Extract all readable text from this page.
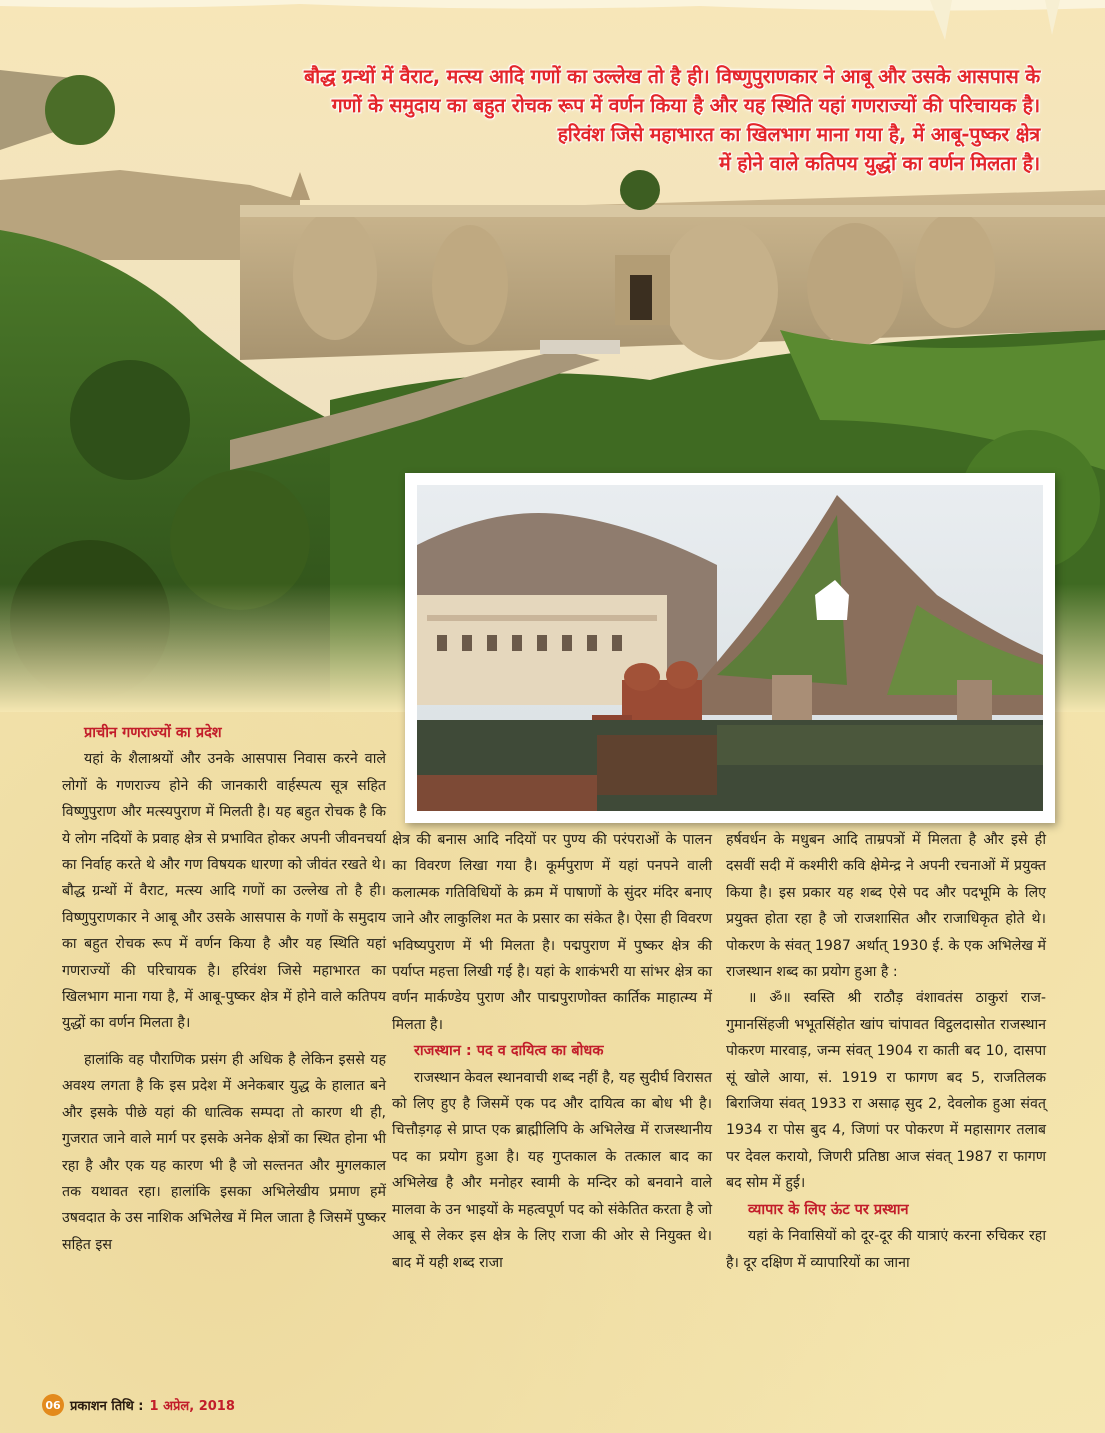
बौद्ध ग्रन्थों में वैराट, मत्स्य आदि गणों का उल्लेख तो है ही। विष्णुपुराणकार ने आबू और उसके आसपास के
गणों के समुदाय का बहुत रोचक रूप में वर्णन किया है और यह स्थिति यहां गणराज्यों की परिचायक है।
हरिवंश जिसे महाभारत का खिलभाग माना गया है, में आबू-पुष्कर क्षेत्र
में होने वाले कतिपय युद्धों का वर्णन मिलता है।
प्राचीन गणराज्यों का प्रदेश

यहां के शैलाश्रयों और उनके आसपास निवास करने वाले लोगों के गणराज्य होने की जानकारी वार्हस्पत्य सूत्र सहित विष्णुपुराण और मत्स्यपुराण में मिलती है। यह बहुत रोचक है कि ये लोग नदियों के प्रवाह क्षेत्र से प्रभावित होकर अपनी जीवनचर्या का निर्वाह करते थे और गण विषयक धारणा को जीवंत रखते थे। बौद्ध ग्रन्थों में वैराट, मत्स्य आदि गणों का उल्लेख तो है ही। विष्णुपुराणकार ने आबू और उसके आसपास के गणों के समुदाय का बहुत रोचक रूप में वर्णन किया है और यह स्थिति यहां गणराज्यों की परिचायक है। हरिवंश जिसे महाभारत का खिलभाग माना गया है, में आबू-पुष्कर क्षेत्र में होने वाले कतिपय युद्धों का वर्णन मिलता है।

हालांकि वह पौराणिक प्रसंग ही अधिक है लेकिन इससे यह अवश्य लगता है कि इस प्रदेश में अनेकबार युद्ध के हालात बने और इसके पीछे यहां की धात्विक सम्पदा तो कारण थी ही, गुजरात जाने वाले मार्ग पर इसके अनेक क्षेत्रों का स्थित होना भी रहा है और एक यह कारण भी है जो सल्तनत और मुगलकाल तक यथावत रहा। हालांकि इसका अभिलेखीय प्रमाण हमें उषवदात के उस नाशिक अभिलेख में मिल जाता है जिसमें पुष्कर सहित इस

क्षेत्र की बनास आदि नदियों पर पुण्य की परंपराओं के पालन का विवरण लिखा गया है। कूर्मपुराण में यहां पनपने वाली कलात्मक गतिविधियों के क्रम में पाषाणों के सुंदर मंदिर बनाए जाने और लाकुलिश मत के प्रसार का संकेत है। ऐसा ही विवरण भविष्यपुराण में भी मिलता है। पद्मपुराण में पुष्कर क्षेत्र की पर्याप्त महत्ता लिखी गई है। यहां के शाकंभरी या सांभर क्षेत्र का वर्णन मार्कण्डेय पुराण और पाद्मपुराणोक्त कार्तिक माहात्म्य में मिलता है।

राजस्थान : पद व दायित्व का बोधक

राजस्थान केवल स्थानवाची शब्द नहीं है, यह सुदीर्घ विरासत को लिए हुए है जिसमें एक पद और दायित्व का बोध भी है। चित्तौड़गढ़ से प्राप्त एक ब्राह्मीलिपि के अभिलेख में राजस्थानीय पद का प्रयोग हुआ है। यह गुप्तकाल के तत्काल बाद का अभिलेख है और मनोहर स्वामी के मन्दिर को बनवाने वाले मालवा के उन भाइयों के महत्वपूर्ण पद को संकेतित करता है जो आबू से लेकर इस क्षेत्र के लिए राजा की ओर से नियुक्त थे। बाद में यही शब्द राजा

हर्षवर्धन के मधुबन आदि ताम्रपत्रों में मिलता है और इसे ही दसवीं सदी में कश्मीरी कवि क्षेमेन्द्र ने अपनी रचनाओं में प्रयुक्त किया है। इस प्रकार यह शब्द ऐसे पद और पदभूमि के लिए प्रयुक्त होता रहा है जो राजशासित और राजाधिकृत होते थे। पोकरण के संवत् 1987 अर्थात् 1930 ई. के एक अभिलेख में राजस्थान शब्द का प्रयोग हुआ है :

॥ ॐ॥ स्वस्ति श्री राठौड़ वंशावतंस ठाकुरां राज- गुमानसिंहजी भभूतसिंहोत खांप चांपावत विट्ठलदासोत राजस्थान पोकरण मारवाड़, जन्म संवत् 1904 रा काती बद 10, दासपा सूं खोले आया, सं. 1919 रा फागण बद 5, राजतिलक बिराजिया संवत् 1933 रा असाढ़ सुद 2, देवलोक हुआ संवत् 1934 रा पोस बुद 4, जिणां पर पोकरण में महासागर तलाब पर देवल करायो, जिणरी प्रतिष्ठा आज संवत् 1987 रा फागण बद सोम में हुई।

व्यापार के लिए ऊंट पर प्रस्थान

यहां के निवासियों को दूर-दूर की यात्राएं करना रुचिकर रहा है। दूर दक्षिण में व्यापारियों का जाना

06 प्रकाशन तिथि : 1 अप्रेल, 2018
